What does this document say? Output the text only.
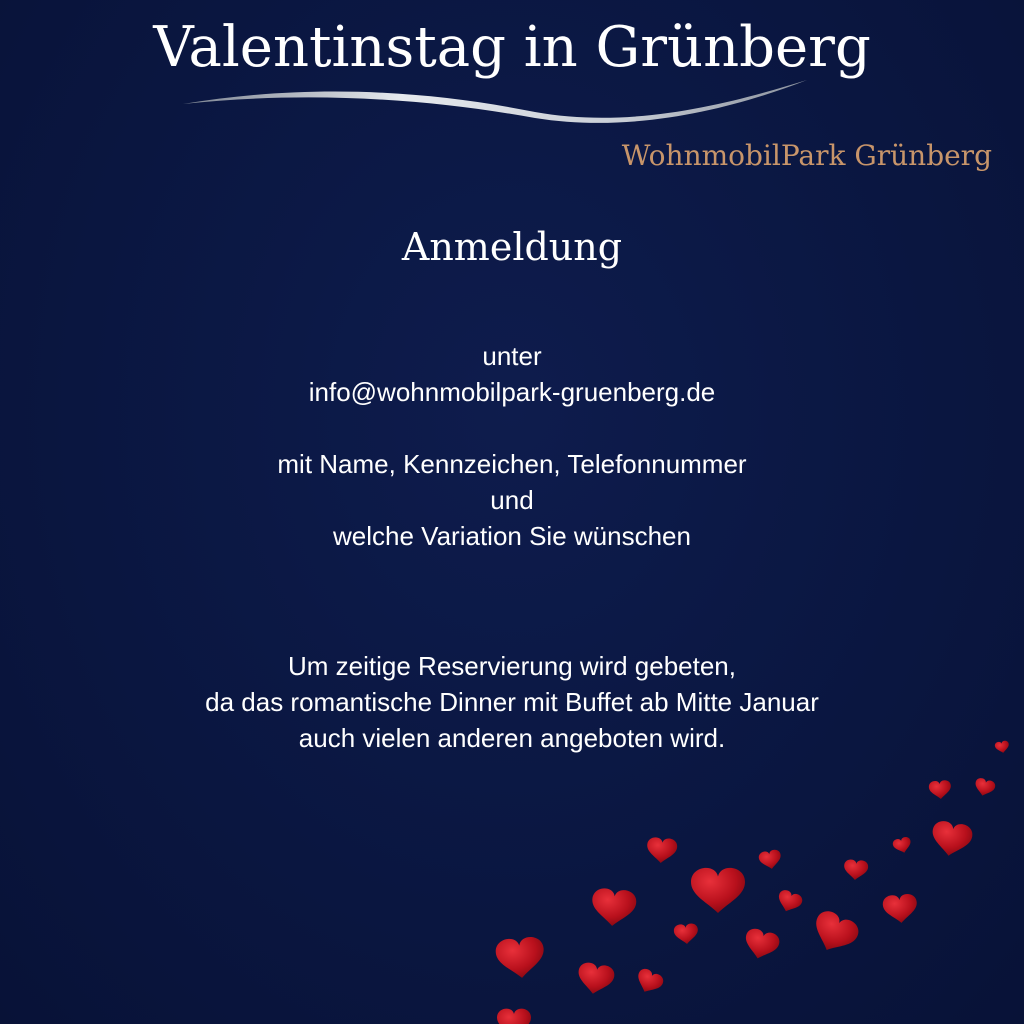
Valentinstag in Grünberg
WohnmobilPark Grünberg
Anmeldung
unter
info@wohnmobilpark-gruenberg.de
mit Name, Kennzeichen, Telefonnummer
und
welche Variation Sie wünschen
Um zeitige Reservierung wird gebeten,
da das romantische Dinner mit Buffet ab Mitte Januar
auch vielen anderen angeboten wird.
